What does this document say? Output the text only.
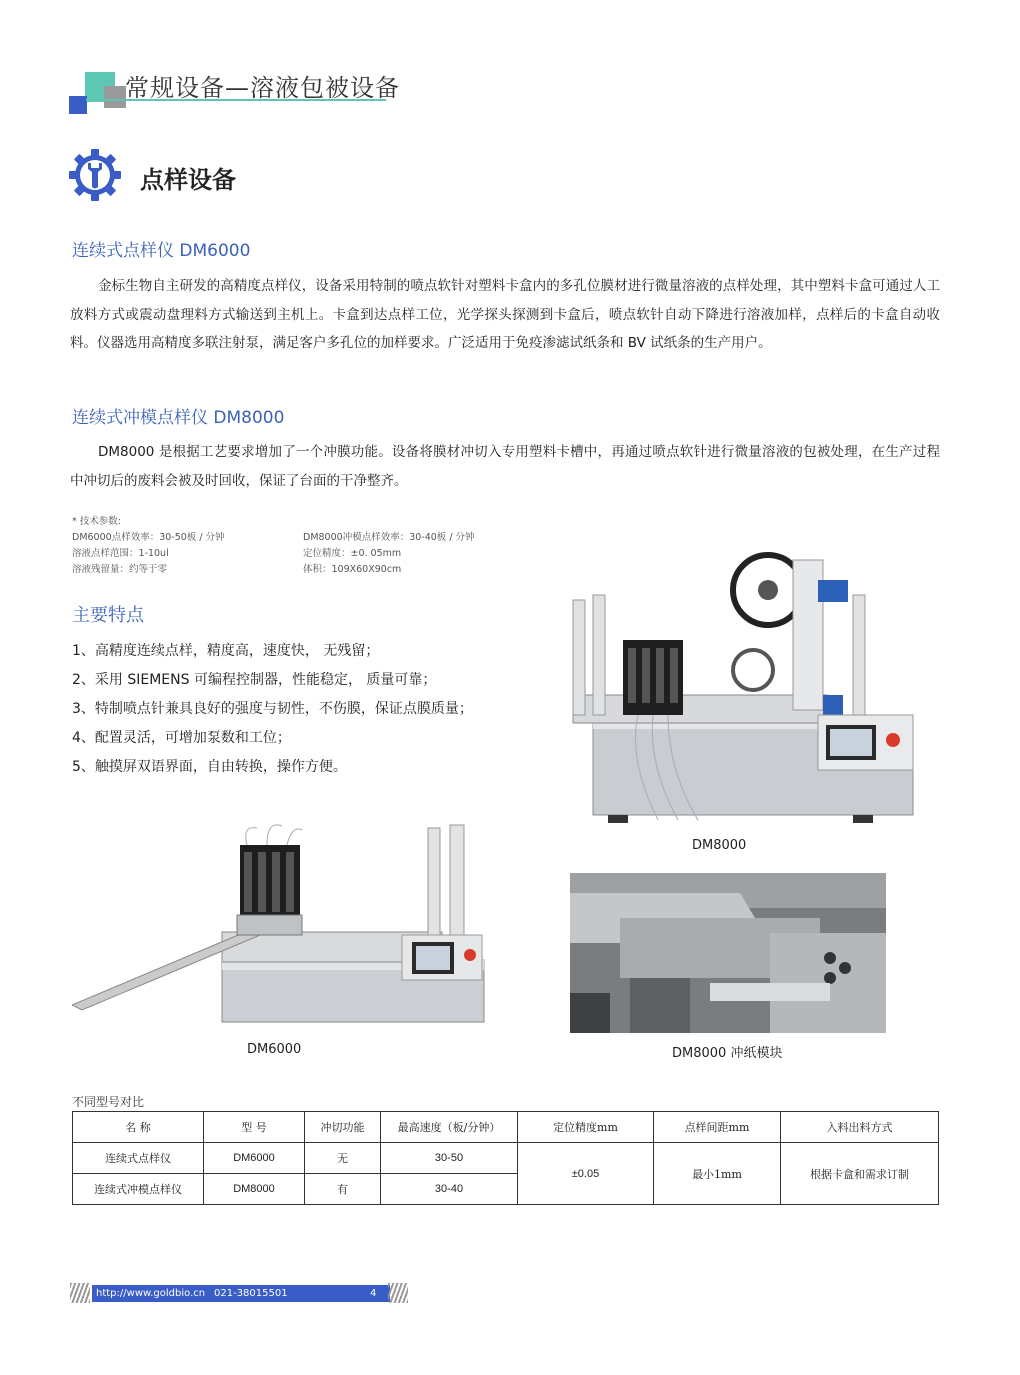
常规设备—溶液包被设备
点样设备
连续式点样仪 DM6000
金标生物自主研发的高精度点样仪，设备采用特制的喷点软针对塑料卡盒内的多孔位膜材进行微量溶液的点样处理，其中塑料卡盒可通过人工放料方式或震动盘理料方式输送到主机上。卡盒到达点样工位，光学探头探测到卡盒后，喷点软针自动下降进行溶液加样，点样后的卡盒自动收料。仪器选用高精度多联注射泵，满足客户多孔位的加样要求。广泛适用于免疫渗滤试纸条和 BV 试纸条的生产用户。
连续式冲模点样仪 DM8000
DM8000 是根据工艺要求增加了一个冲膜功能。设备将膜材冲切入专用塑料卡槽中，再通过喷点软针进行微量溶液的包被处理，在生产过程中冲切后的废料会被及时回收，保证了台面的干净整齐。
* 技术参数:
DM6000点样效率：30-50板 / 分钟
溶液点样范围：1-10ul
溶液残留量：约等于零
DM8000冲模点样效率：30-40板 / 分钟
定位精度：±0. 05mm
体积：109X60X90cm
主要特点
1、高精度连续点样，精度高，速度快， 无残留；
2、采用 SIEMENS 可编程控制器，性能稳定， 质量可靠；
3、特制喷点针兼具良好的强度与韧性，不伤膜，保证点膜质量；
4、配置灵活，可增加泵数和工位；
5、触摸屏双语界面，自由转换，操作方便。
DM8000
DM6000	DM8000 冲纸模块
不同型号对比
名 称	型 号	冲切功能	最高速度（板/分钟）	定位精度mm	点样间距mm	入料出料方式
连续式点样仪	DM6000	无	30-50	±0.05	最小1mm	根据卡盒和需求订制
连续式冲模点样仪	DM8000	有	30-40			
http://www.goldbio.cn 021-38015501	4
